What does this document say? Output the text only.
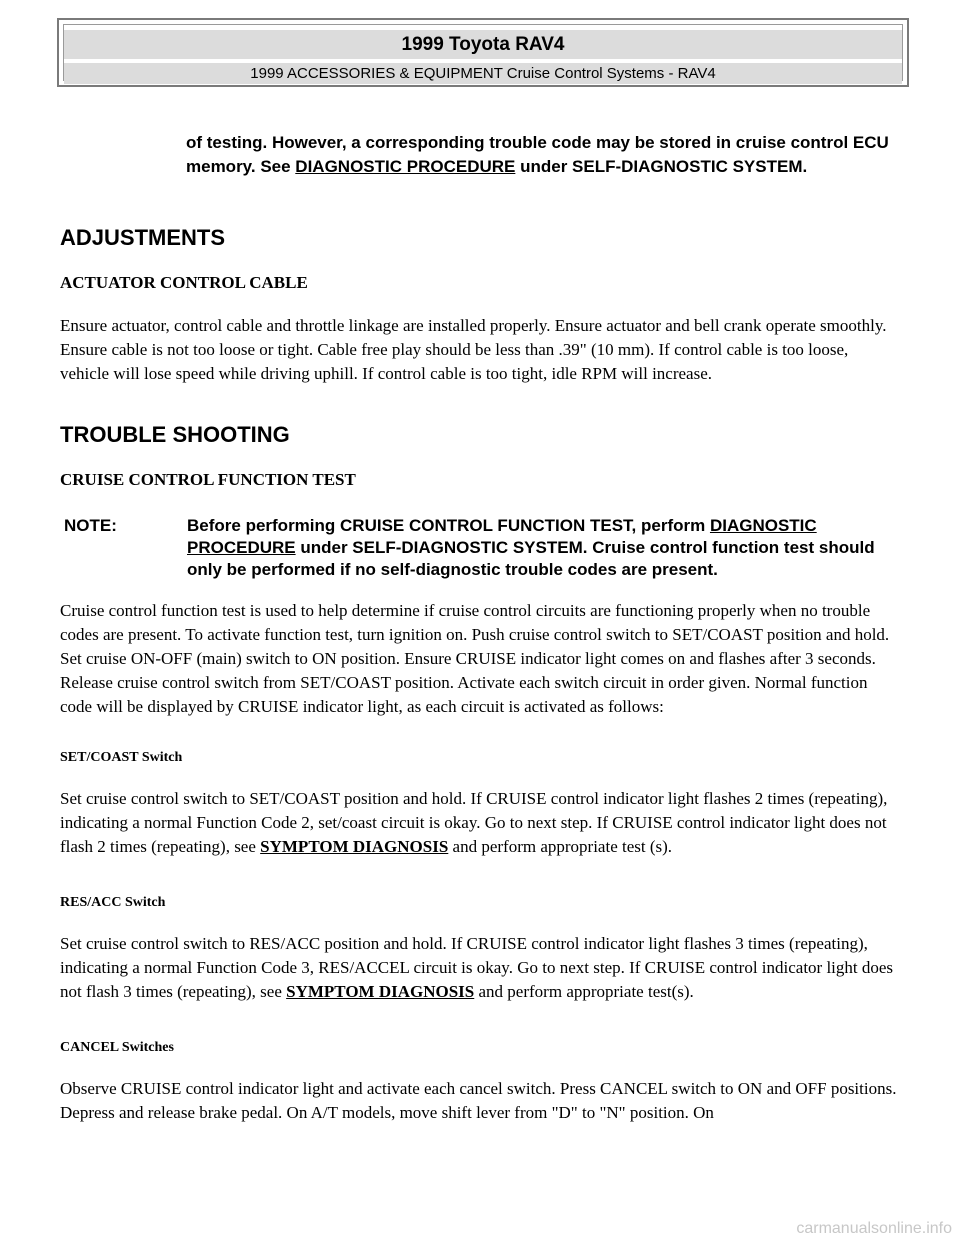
1999 Toyota RAV4
1999 ACCESSORIES & EQUIPMENT Cruise Control Systems - RAV4
of testing. However, a corresponding trouble code may be stored in cruise control ECU memory. See DIAGNOSTIC PROCEDURE under SELF-DIAGNOSTIC SYSTEM.
ADJUSTMENTS
ACTUATOR CONTROL CABLE
Ensure actuator, control cable and throttle linkage are installed properly. Ensure actuator and bell crank operate smoothly. Ensure cable is not too loose or tight. Cable free play should be less than .39" (10 mm). If control cable is too loose, vehicle will lose speed while driving uphill. If control cable is too tight, idle RPM will increase.
TROUBLE SHOOTING
CRUISE CONTROL FUNCTION TEST
NOTE:	Before performing CRUISE CONTROL FUNCTION TEST, perform DIAGNOSTIC PROCEDURE under SELF-DIAGNOSTIC SYSTEM. Cruise control function test should only be performed if no self-diagnostic trouble codes are present.
Cruise control function test is used to help determine if cruise control circuits are functioning properly when no trouble codes are present. To activate function test, turn ignition on. Push cruise control switch to SET/COAST position and hold. Set cruise ON-OFF (main) switch to ON position. Ensure CRUISE indicator light comes on and flashes after 3 seconds. Release cruise control switch from SET/COAST position. Activate each switch circuit in order given. Normal function code will be displayed by CRUISE indicator light, as each circuit is activated as follows:
SET/COAST Switch
Set cruise control switch to SET/COAST position and hold. If CRUISE control indicator light flashes 2 times (repeating), indicating a normal Function Code 2, set/coast circuit is okay. Go to next step. If CRUISE control indicator light does not flash 2 times (repeating), see SYMPTOM DIAGNOSIS and perform appropriate test (s).
RES/ACC Switch
Set cruise control switch to RES/ACC position and hold. If CRUISE control indicator light flashes 3 times (repeating), indicating a normal Function Code 3, RES/ACCEL circuit is okay. Go to next step. If CRUISE control indicator light does not flash 3 times (repeating), see SYMPTOM DIAGNOSIS and perform appropriate test(s).
CANCEL Switches
Observe CRUISE control indicator light and activate each cancel switch. Press CANCEL switch to ON and OFF positions. Depress and release brake pedal. On A/T models, move shift lever from "D" to "N" position. On
carmanualsonline.info
